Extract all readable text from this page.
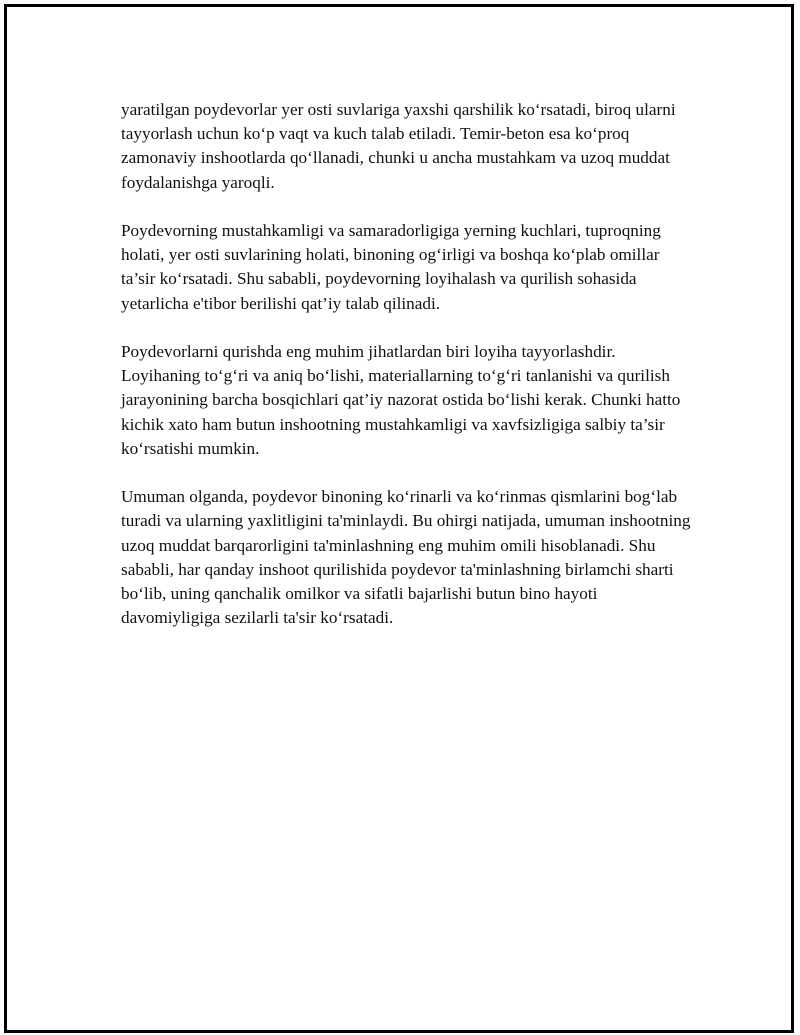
yaratilgan poydevorlar yer osti suvlariga yaxshi qarshilik ko‘rsatadi, biroq ularni tayyorlash uchun ko‘p vaqt va kuch talab etiladi. Temir-beton esa ko‘proq zamonaviy inshootlarda qo‘llanadi, chunki u ancha mustahkam va uzoq muddat foydalanishga yaroqli.

Poydevorning mustahkamligi va samaradorligiga yerning kuchlari, tuproqning holati, yer osti suvlarining holati, binoning og‘irligi va boshqa ko‘plab omillar ta’sir ko‘rsatadi. Shu sababli, poydevorning loyihalash va qurilish sohasida yetarlicha e'tibor berilishi qat’iy talab qilinadi.

Poydevorlarni qurishda eng muhim jihatlardan biri loyiha tayyorlashdir. Loyihaning to‘g‘ri va aniq bo‘lishi, materiallarning to‘g‘ri tanlanishi va qurilish jarayonining barcha bosqichlari qat’iy nazorat ostida bo‘lishi kerak. Chunki hatto kichik xato ham butun inshootning mustahkamligi va xavfsizligiga salbiy ta’sir ko‘rsatishi mumkin.

Umuman olganda, poydevor binoning ko‘rinarli va ko‘rinmas qismlarini bog‘lab turadi va ularning yaxlitligini ta'minlaydi. Bu ohirgi natijada, umuman inshootning uzoq muddat barqarorligini ta'minlashning eng muhim omili hisoblanadi. Shu sababli, har qanday inshoot qurilishida poydevor ta'minlashning birlamchi sharti bo‘lib, uning qanchalik omilkor va sifatli bajarlishi butun bino hayoti davomiyligiga sezilarli ta'sir ko‘rsatadi.
